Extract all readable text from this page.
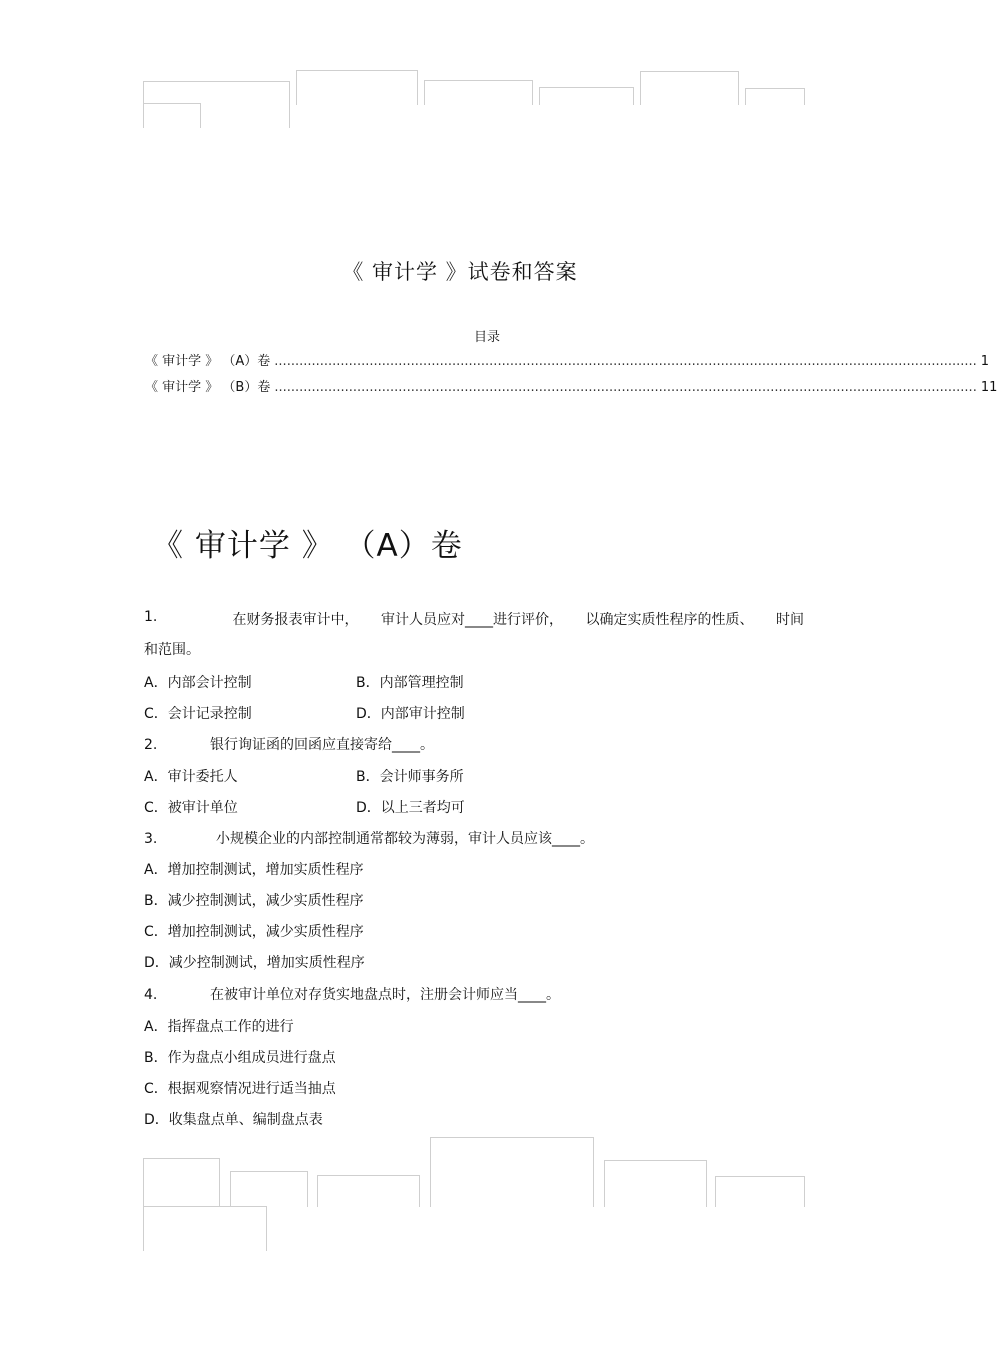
《 审计学 》试卷和答案
目录
《 审计学 》 （A）卷 .......................................................................................................................................................................... 1
《 审计学 》 （B）卷 .......................................................................................................................................................................... 11
《 审计学 》 （A）卷
1.	在财务报表审计中， 审计人员应对____进行评价， 以确定实质性程序的性质、 时间
和范围。
A．内部会计控制	B．内部管理控制
C．会计记录控制	D．内部审计控制
2.	银行询证函的回函应直接寄给____。
A．审计委托人	B．会计师事务所
C．被审计单位	D．以上三者均可
3.	小规模企业的内部控制通常都较为薄弱，审计人员应该____。
A．增加控制测试，增加实质性程序
B．减少控制测试，减少实质性程序
C．增加控制测试，减少实质性程序
D．减少控制测试，增加实质性程序
4.	在被审计单位对存货实地盘点时，注册会计师应当____。
A．指挥盘点工作的进行
B．作为盘点小组成员进行盘点
C．根据观察情况进行适当抽点
D．收集盘点单、编制盘点表
